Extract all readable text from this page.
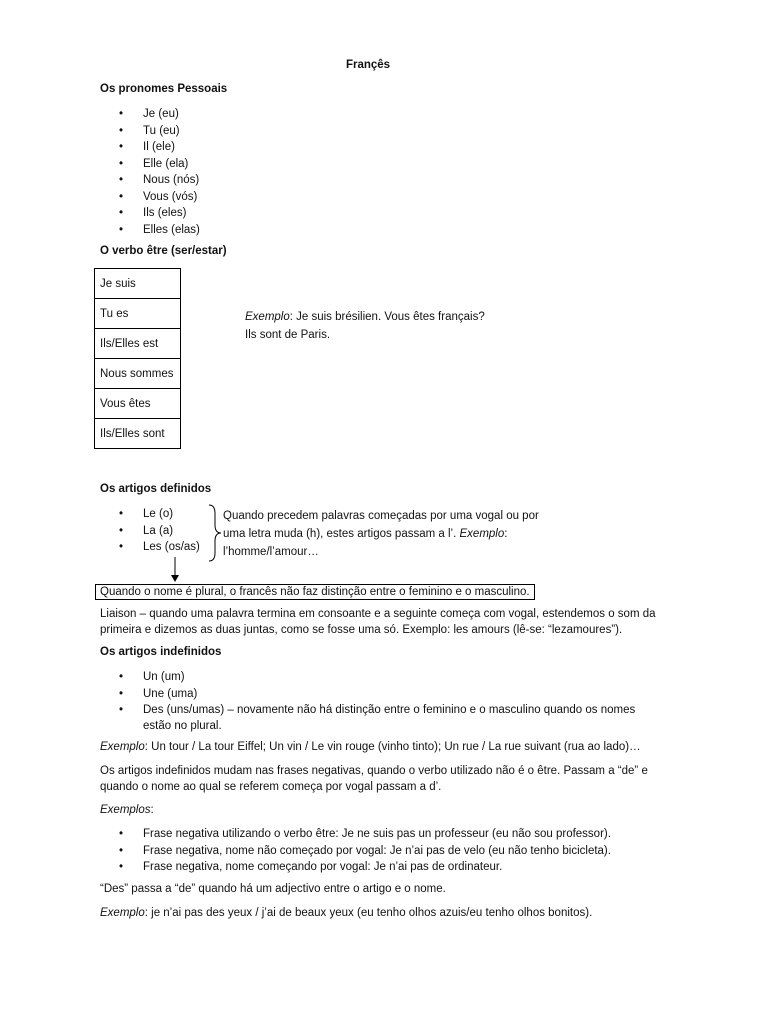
Françês
Os pronomes Pessoais
• Je (eu)
• Tu (eu)
• Il (ele)
• Elle (ela)
• Nous (nós)
• Vous (vós)
• Ils (eles)
• Elles (elas)
O verbo être (ser/estar)
Je suis
Tu es
Ils/Elles est
Nous sommes
Vous êtes
Ils/Elles sont
Exemplo: Je suis brésilien. Vous êtes français?
Ils sont de Paris.
Os artigos definidos
• Le (o)
• La (a)
• Les (os/as)
Quando precedem palavras começadas por uma vogal ou por
uma letra muda (h), estes artigos passam a l’. Exemplo:
l’homme/l’amour…
Quando o nome é plural, o francês não faz distinção entre o feminino e o masculino.
Liaison – quando uma palavra termina em consoante e a seguinte começa com vogal, estendemos o som da
primeira e dizemos as duas juntas, como se fosse uma só. Exemplo: les amours (lê-se: “lezamoures”).
Os artigos indefinidos
• Un (um)
• Une (uma)
• Des (uns/umas) – novamente não há distinção entre o feminino e o masculino quando os nomes
estão no plural.
Exemplo: Un tour / La tour Eiffel; Un vin / Le vin rouge (vinho tinto); Un rue / La rue suivant (rua ao lado)…
Os artigos indefinidos mudam nas frases negativas, quando o verbo utilizado não é o être. Passam a “de” e
quando o nome ao qual se referem começa por vogal passam a d’.
Exemplos:
• Frase negativa utilizando o verbo être: Je ne suis pas un professeur (eu não sou professor).
• Frase negativa, nome não começado por vogal: Je n’ai pas de velo (eu não tenho bicicleta).
• Frase negativa, nome começando por vogal: Je n’ai pas de ordinateur.
“Des” passa a “de” quando há um adjectivo entre o artigo e o nome.
Exemplo: je n’ai pas des yeux / j’ai de beaux yeux (eu tenho olhos azuis/eu tenho olhos bonitos).
